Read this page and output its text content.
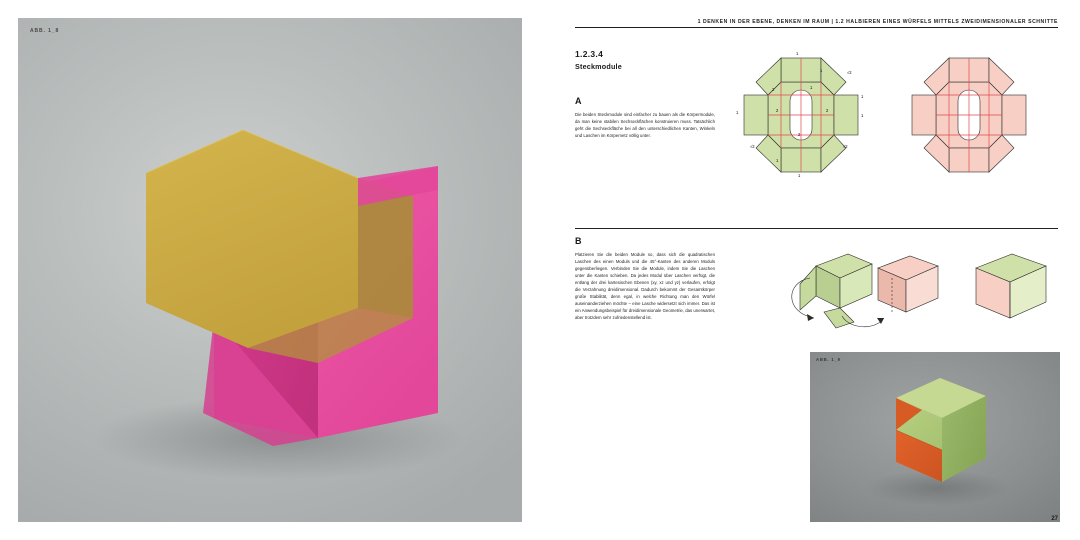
ABB. 1_8
1 DENKEN IN DER EBENE, DENKEN IM RAUM | 1.2 HALBIEREN EINES WÜRFELS MITTELS ZWEIDIMENSIONALER SCHNITTE
1.2.3.4
Steckmodule
A
Die beiden Steckmodule sind einfacher zu bauen als die Körpermodule, da man keine stabilen Sechseckflächen konstruieren muss. Tatsächlich geht die Sechseckfläche bei all den unterschiedlichen Kanten, Winkeln und Laschen im Körpernetz völlig unter.
1
1	√2
2	1
1
1	2	2
1
2
√2	√2
1
1
B
Platzieren Sie die beiden Module so, dass sich die quadratischen Laschen des einen Moduls und die 45°-Kanten des anderen Moduls gegenüberliegen. Verbinden Sie die Module, indem Sie die Laschen unter die Kanten schieben. Da jedes Modul über Laschen verfügt, die entlang der drei kartesischen Ebenen (xy, xz und yz) verlaufen, erfolgt die Verzahnung dreidimensional. Dadurch bekommt der Gesamtkörper große Stabilität, denn egal, in welche Richtung man den Würfel auseinanderziehen möchte – eine Lasche widersetzt sich immer. Das ist ein Anwendungsbeispiel für dreidimensionale Geometrie, das unerwartet, aber trotzdem sehr zufriedenstellend ist.
ABB. 1_9
27
